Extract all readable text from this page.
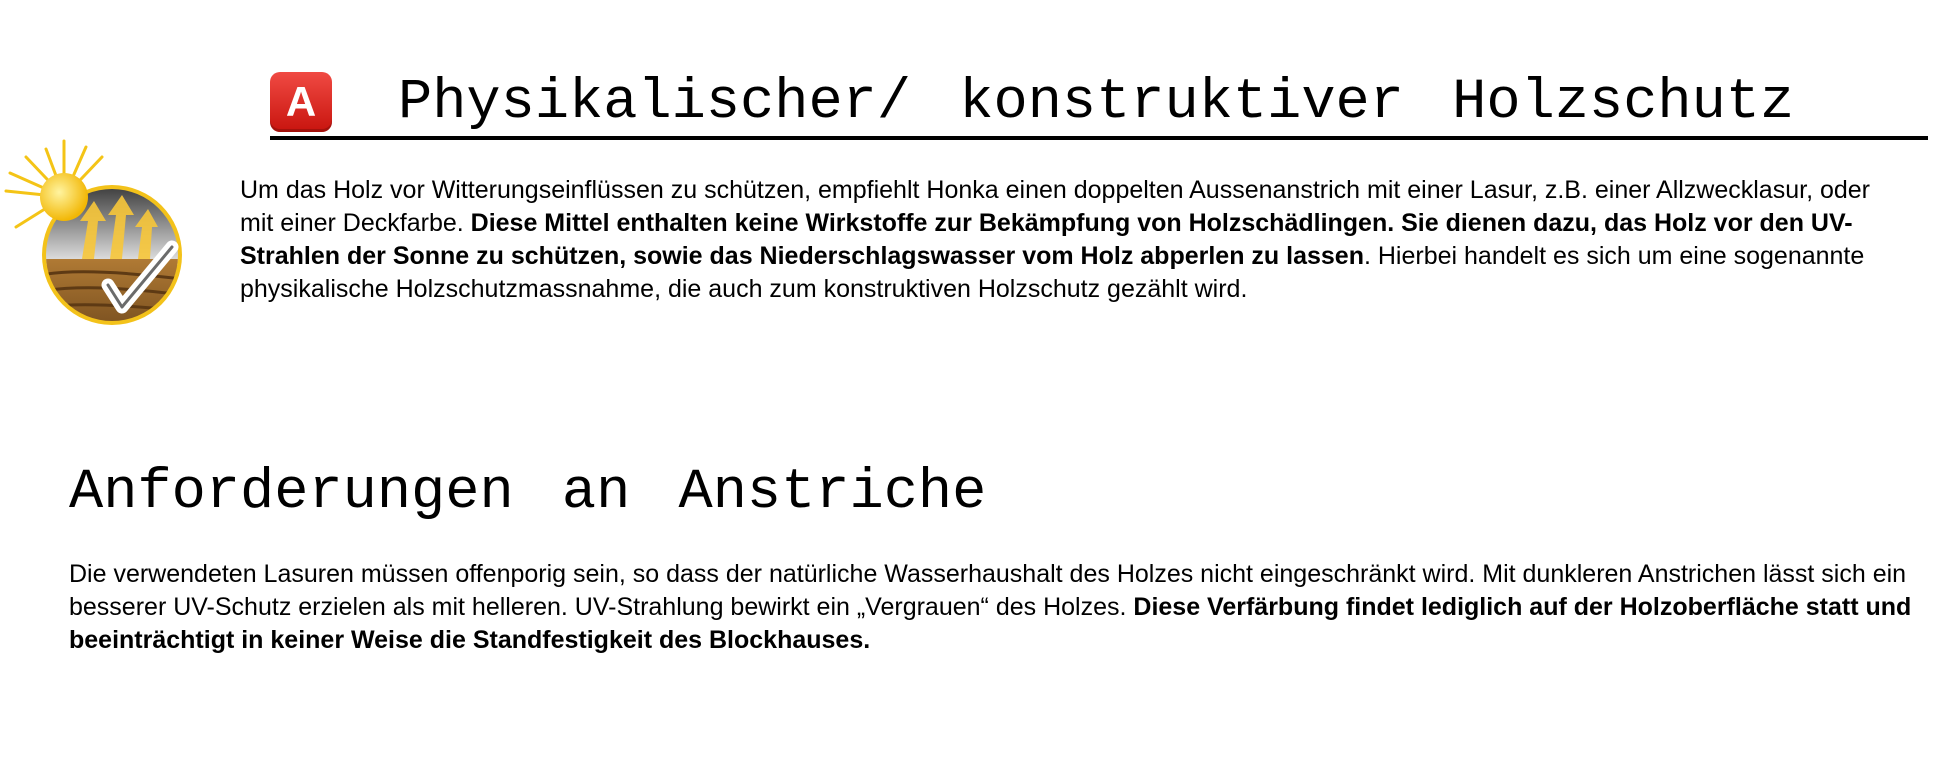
A Physikalischer/ konstruktiver Holzschutz

Um das Holz vor Witterungseinflüssen zu schützen, empfiehlt Honka einen doppelten Aussenanstrich mit einer Lasur, z.B. einer Allzwecklasur, oder mit einer Deckfarbe. Diese Mittel enthalten keine Wirkstoffe zur Bekämpfung von Holzschädlingen. Sie dienen dazu, das Holz vor den UV-Strahlen der Sonne zu schützen, sowie das Niederschlagswasser vom Holz abperlen zu lassen. Hierbei handelt es sich um eine sogenannte physikalische Holzschutzmassnahme, die auch zum konstruktiven Holzschutz gezählt wird.

Anforderungen an Anstriche

Die verwendeten Lasuren müssen offenporig sein, so dass der natürliche Wasserhaushalt des Holzes nicht eingeschränkt wird. Mit dunkleren Anstrichen lässt sich ein besserer UV-Schutz erzielen als mit helleren. UV-Strahlung bewirkt ein „Vergrauen“ des Holzes. Diese Verfärbung findet lediglich auf der Holzoberfläche statt und beeinträchtigt in keiner Weise die Standfestigkeit des Blockhauses.
